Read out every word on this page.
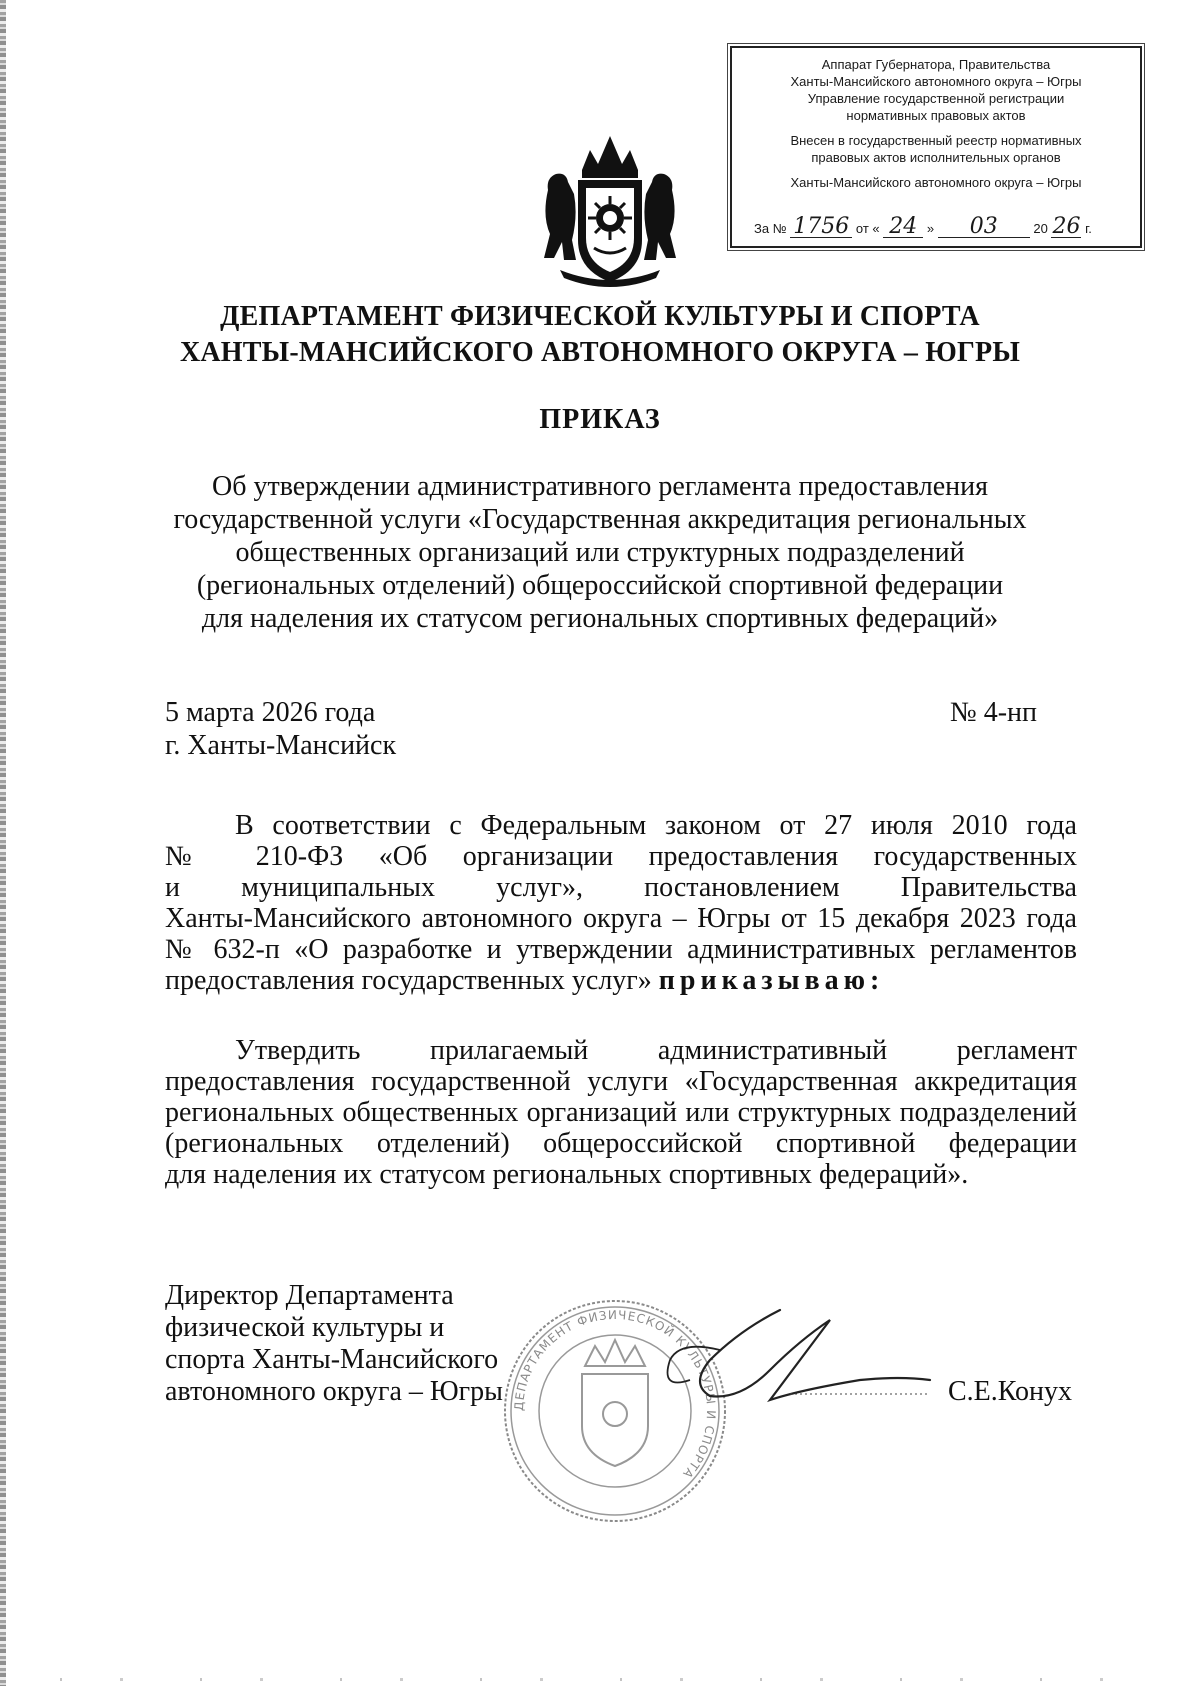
Аппарат Губернатора, Правительства
Ханты-Мансийского автономного округа – Югры
Управление государственной регистрации
нормативных правовых актов
Внесен в государственный реестр нормативных
правовых актов исполнительных органов
Ханты-Мансийского автономного округа – Югры
За № 1756 от « 24 » 03	20 26 г.
ДЕПАРТАМЕНТ ФИЗИЧЕСКОЙ КУЛЬТУРЫ И СПОРТА
ХАНТЫ-МАНСИЙСКОГО АВТОНОМНОГО ОКРУГА – ЮГРЫ
ПРИКАЗ
Об утверждении административного регламента предоставления
государственной услуги «Государственная аккредитация региональных
общественных организаций или структурных подразделений
(региональных отделений) общероссийской спортивной федерации
для наделения их статусом региональных спортивных федераций»
5 марта 2026 года
г. Ханты-Мансийск
№ 4-нп
В соответствии с Федеральным законом от 27 июля 2010 года
№ 210-ФЗ «Об организации предоставления государственных
и муниципальных услуг», постановлением Правительства
Ханты-Мансийского автономного округа – Югры от 15 декабря 2023 года
№ 632-п «О разработке и утверждении административных регламентов
предоставления государственных услуг» приказываю:
Утвердить прилагаемый административный регламент
предоставления государственной услуги «Государственная аккредитация
региональных общественных организаций или структурных подразделений
(региональных отделений) общероссийской спортивной федерации
для наделения их статусом региональных спортивных федераций».
ДЕПАРТАМЕНТ ФИЗИЧЕСКОЙ КУЛЬТУРЫ И СПОРТА
Директор Департамента
физической культуры и
спорта Ханты-Мансийского
автономного округа – Югры	С.Е.Конух
